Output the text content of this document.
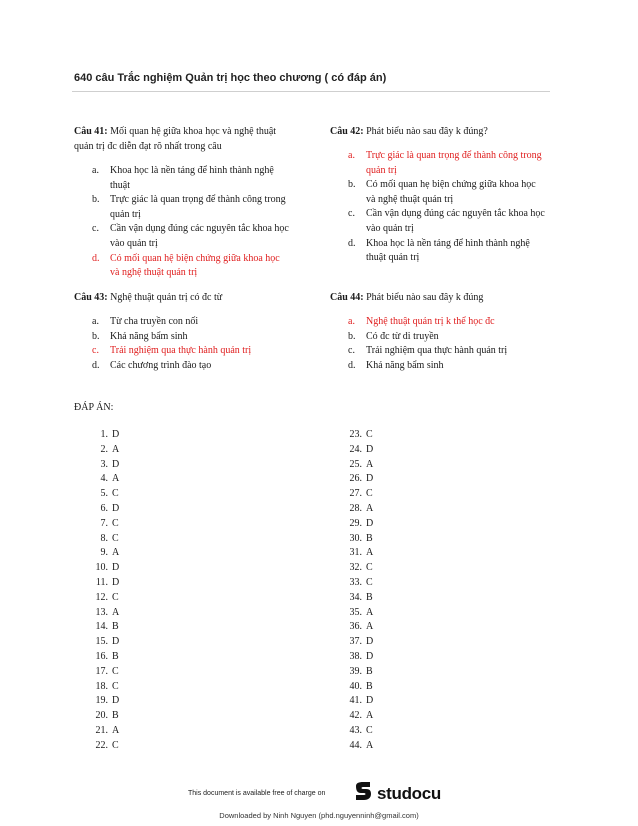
640 câu Trắc nghiệm Quản trị học theo chương ( có đáp án)
Câu 41: Mối quan hệ giữa khoa học và nghệ thuật quản trị đc diễn đạt rõ nhất trong câu
a.	Khoa học là nền tảng để hình thành nghệ thuật
b.	Trực giác là quan trọng để thành công trong quản trị
c.	Cần vận dụng đúng các nguyên tắc khoa học vào quản trị
d.	Có mối quan hệ biện chứng giữa khoa học và nghệ thuật quản trị
Câu 42: Phát biểu nào sau đây k đúng?
a.	Trực giác là quan trọng để thành công trong quản trị
b.	Có mối quan hẹ biện chứng giữa khoa học và nghệ thuật quản trị
c.	Cần vận dụng đúng các nguyên tắc khoa học vào quản trị
d.	Khoa học là nền tảng để hình thành nghệ thuật quản trị
Câu 43: Nghệ thuật quản trị có đc từ
a.	Từ cha truyền con nối
b.	Khả năng bẩm sinh
c.	Trải nghiệm qua thực hành quản trị
d.	Các chương trình đào tạo
Câu 44: Phát biểu nào sau đây k đúng
a.	Nghệ thuật quản trị k thể học đc
b.	Có đc từ di truyền
c.	Trải nghiệm qua thực hành quản trị
d.	Khả năng bẩm sinh
ĐÁP ÁN:
1. D
2. A
3. D
4. A
5. C
6. D
7. C
8. C
9. A
10. D
11. D
12. C
13. A
14. B
15. D
16. B
17. C
18. C
19. D
20. B
21. A
22. C
23. C
24. D
25. A
26. D
27. C
28. A
29. D
30. B
31. A
32. C
33. C
34. B
35. A
36. A
37. D
38. D
39. B
40. B
41. D
42. A
43. C
44. A
This document is available free of charge on	studocu
Downloaded by Ninh Nguyen (phd.nguyenninh@gmail.com)
